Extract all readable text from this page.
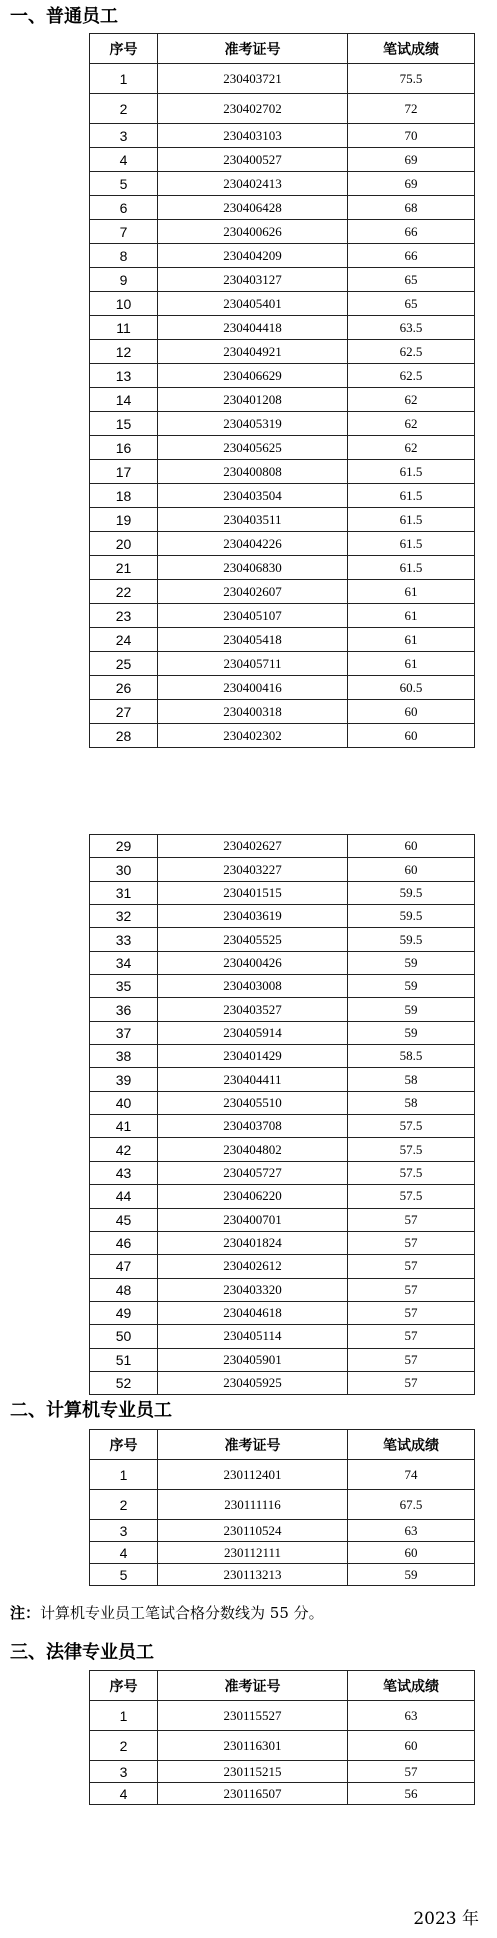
一、普通员工
序号	准考证号	笔试成绩
1	230403721	75.5
2	230402702	72
3	230403103	70
4	230400527	69
5	230402413	69
6	230406428	68
7	230400626	66
8	230404209	66
9	230403127	65
10	230405401	65
11	230404418	63.5
12	230404921	62.5
13	230406629	62.5
14	230401208	62
15	230405319	62
16	230405625	62
17	230400808	61.5
18	230403504	61.5
19	230403511	61.5
20	230404226	61.5
21	230406830	61.5
22	230402607	61
23	230405107	61
24	230405418	61
25	230405711	61
26	230400416	60.5
27	230400318	60
28	230402302	60
29	230402627	60
30	230403227	60
31	230401515	59.5
32	230403619	59.5
33	230405525	59.5
34	230400426	59
35	230403008	59
36	230403527	59
37	230405914	59
38	230401429	58.5
39	230404411	58
40	230405510	58
41	230403708	57.5
42	230404802	57.5
43	230405727	57.5
44	230406220	57.5
45	230400701	57
46	230401824	57
47	230402612	57
48	230403320	57
49	230404618	57
50	230405114	57
51	230405901	57
52	230405925	57
二、计算机专业员工
序号	准考证号	笔试成绩
1	230112401	74
2	230111116	67.5
3	230110524	63
4	230112111	60
5	230113213	59
注：计算机专业员工笔试合格分数线为 55 分。
三、法律专业员工
序号	准考证号	笔试成绩
1	230115527	63
2	230116301	60
3	230115215	57
4	230116507	56
2023 年
